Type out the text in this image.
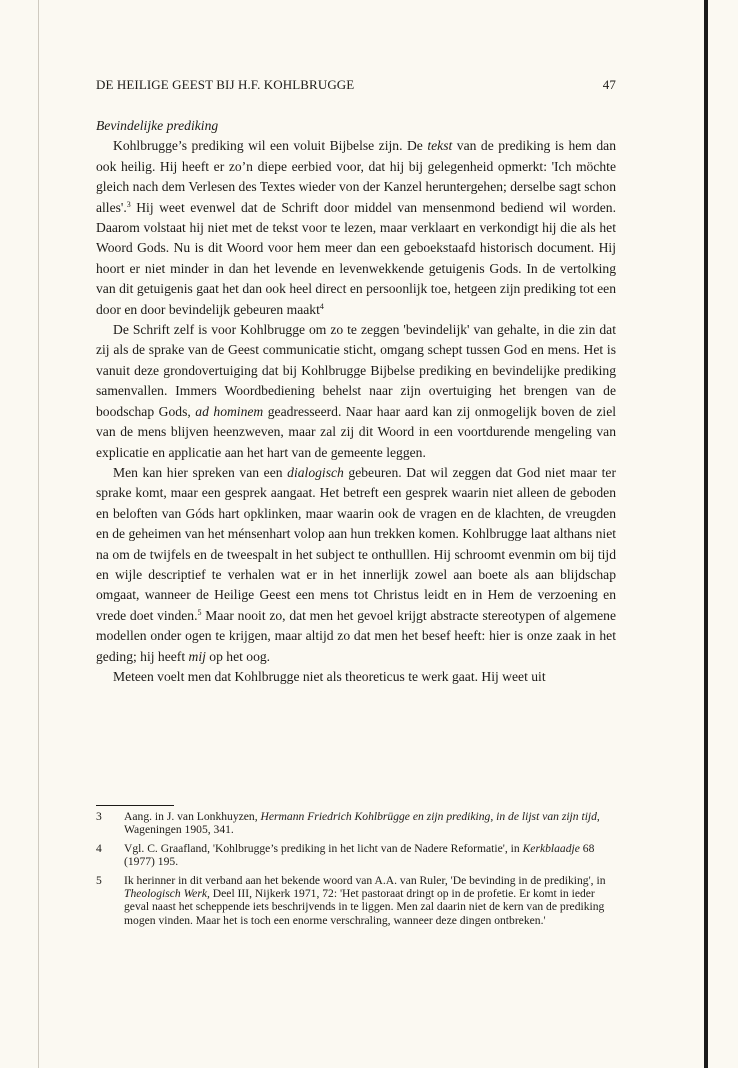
DE HEILIGE GEEST BIJ H.F. KOHLBRUGGE	47

Bevindelijke prediking

Kohlbrugge’s prediking wil een voluit Bijbelse zijn. De tekst van de prediking is hem dan ook heilig. Hij heeft er zo’n diepe eerbied voor, dat hij bij gelegenheid opmerkt: 'Ich möchte gleich nach dem Verlesen des Textes wieder von der Kanzel heruntergehen; derselbe sagt schon alles'.$^3$ Hij weet evenwel dat de Schrift door middel van mensenmond bediend wil worden. Daarom volstaat hij niet met de tekst voor te lezen, maar verklaart en verkondigt hij die als het Woord Gods. Nu is dit Woord voor hem meer dan een geboekstaafd historisch document. Hij hoort er niet minder in dan het levende en levenwekkende getuigenis Gods. In de vertolking van dit getuigenis gaat het dan ook heel direct en persoonlijk toe, hetgeen zijn prediking tot een door en door bevindelijk gebeuren maakt$^4$

De Schrift zelf is voor Kohlbrugge om zo te zeggen 'bevindelijk' van gehalte, in die zin dat zij als de sprake van de Geest communicatie sticht, omgang schept tussen God en mens. Het is vanuit deze grondovertuiging dat bij Kohlbrugge Bijbelse prediking en bevindelijke prediking samenvallen. Immers Woordbediening behelst naar zijn overtuiging het brengen van de boodschap Gods, ad hominem geadresseerd. Naar haar aard kan zij onmogelijk boven de ziel van de mens blijven heenzweven, maar zal zij dit Woord in een voortdurende mengeling van explicatie en applicatie aan het hart van de gemeente leggen.

Men kan hier spreken van een dialogisch gebeuren. Dat wil zeggen dat God niet maar ter sprake komt, maar een gesprek aangaat. Het betreft een gesprek waarin niet alleen de geboden en beloften van Góds hart opklinken, maar waarin ook de vragen en de klachten, de vreugden en de geheimen van het ménsenhart volop aan hun trekken komen. Kohlbrugge laat althans niet na om de twijfels en de tweespalt in het subject te onthulllen. Hij schroomt evenmin om bij tijd en wijle descriptief te verhalen wat er in het innerlijk zowel aan boete als aan blijdschap omgaat, wanneer de Heilige Geest een mens tot Christus leidt en in Hem de verzoening en vrede doet vinden.$^5$ Maar nooit zo, dat men het gevoel krijgt abstracte stereotypen of algemene modellen onder ogen te krijgen, maar altijd zo dat men het besef heeft: hier is onze zaak in het geding; hij heeft mij op het oog.

Meteen voelt men dat Kohlbrugge niet als theoreticus te werk gaat. Hij weet uit

3 Aang. in J. van Lonkhuyzen, Hermann Friedrich Kohlbrügge en zijn prediking, in de lijst van zijn tijd, Wageningen 1905, 341.
4 Vgl. C. Graafland, 'Kohlbrugge’s prediking in het licht van de Nadere Reformatie', in Kerkblaadje 68 (1977) 195.
5 Ik herinner in dit verband aan het bekende woord van A.A. van Ruler, 'De bevinding in de prediking', in Theologisch Werk, Deel III, Nijkerk 1971, 72: 'Het pastoraat dringt op in de profetie. Er komt in ieder geval naast het scheppende iets beschrijvends in te liggen. Men zal daarin niet de kern van de prediking mogen vinden. Maar het is toch een enorme verschraling, wanneer deze dingen ontbreken.'
